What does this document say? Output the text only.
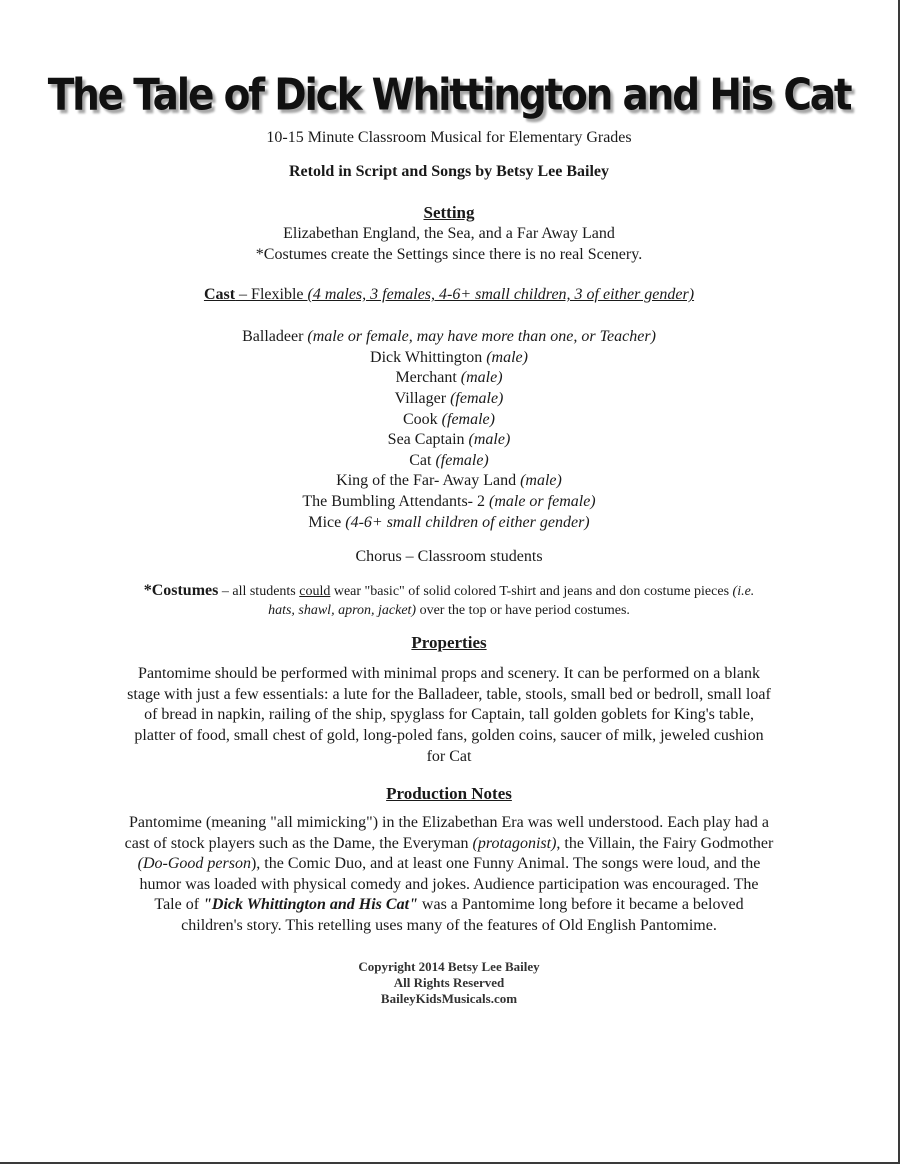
The Tale of Dick Whittington and His Cat
10-15 Minute Classroom Musical for Elementary Grades
Retold in Script and Songs by Betsy Lee Bailey
Setting
Elizabethan England, the Sea, and a Far Away Land
*Costumes create the Settings since there is no real Scenery.
Cast – Flexible (4 males, 3 females, 4-6+ small children, 3 of either gender)
Balladeer (male or female, may have more than one, or Teacher)
Dick Whittington (male)
Merchant (male)
Villager (female)
Cook (female)
Sea Captain (male)
Cat (female)
King of the Far- Away Land (male)
The Bumbling Attendants- 2 (male or female)
Mice (4-6+ small children of either gender)
Chorus – Classroom students
*Costumes – all students could wear "basic" of solid colored T-shirt and jeans and don costume pieces (i.e. hats, shawl, apron, jacket) over the top or have period costumes.
Properties
Pantomime should be performed with minimal props and scenery. It can be performed on a blank stage with just a few essentials: a lute for the Balladeer, table, stools, small bed or bedroll, small loaf of bread in napkin, railing of the ship, spyglass for Captain, tall golden goblets for King's table, platter of food, small chest of gold, long-poled fans, golden coins, saucer of milk, jeweled cushion for Cat
Production Notes
Pantomime (meaning "all mimicking") in the Elizabethan Era was well understood. Each play had a cast of stock players such as the Dame, the Everyman (protagonist), the Villain, the Fairy Godmother (Do-Good person), the Comic Duo, and at least one Funny Animal. The songs were loud, and the humor was loaded with physical comedy and jokes. Audience participation was encouraged. The Tale of "Dick Whittington and His Cat" was a Pantomime long before it became a beloved children's story. This retelling uses many of the features of Old English Pantomime.
Copyright 2014 Betsy Lee Bailey
All Rights Reserved
BaileyKidsMusicals.com
